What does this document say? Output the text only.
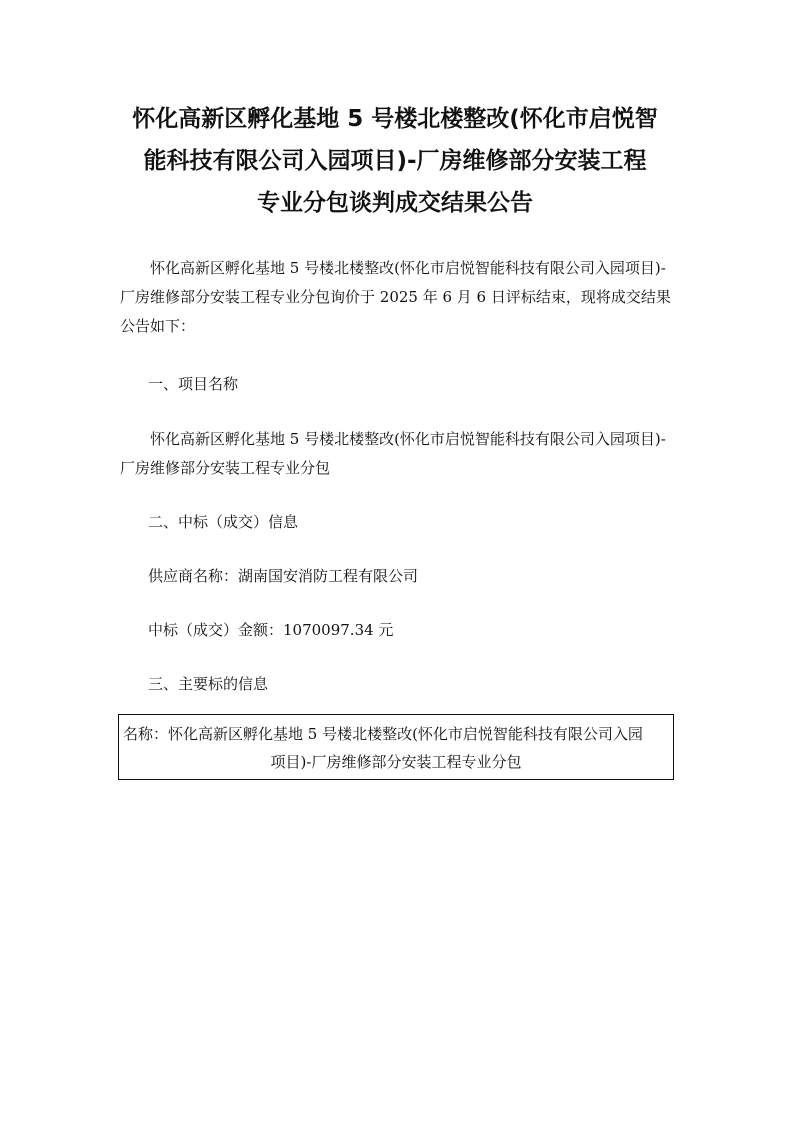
怀化高新区孵化基地 5 号楼北楼整改(怀化市启悦智
能科技有限公司入园项目)-厂房维修部分安装工程
专业分包谈判成交结果公告

怀化高新区孵化基地 5 号楼北楼整改(怀化市启悦智能科技有限公司入园项目)-厂房维修部分安装工程专业分包询价于 2025 年 6 月 6 日评标结束，现将成交结果公告如下：

一、项目名称

怀化高新区孵化基地 5 号楼北楼整改(怀化市启悦智能科技有限公司入园项目)-厂房维修部分安装工程专业分包

二、中标（成交）信息

供应商名称：湖南国安消防工程有限公司

中标（成交）金额：1070097.34 元

三、主要标的信息

名称：怀化高新区孵化基地 5 号楼北楼整改(怀化市启悦智能科技有限公司入园
项目)-厂房维修部分安装工程专业分包
